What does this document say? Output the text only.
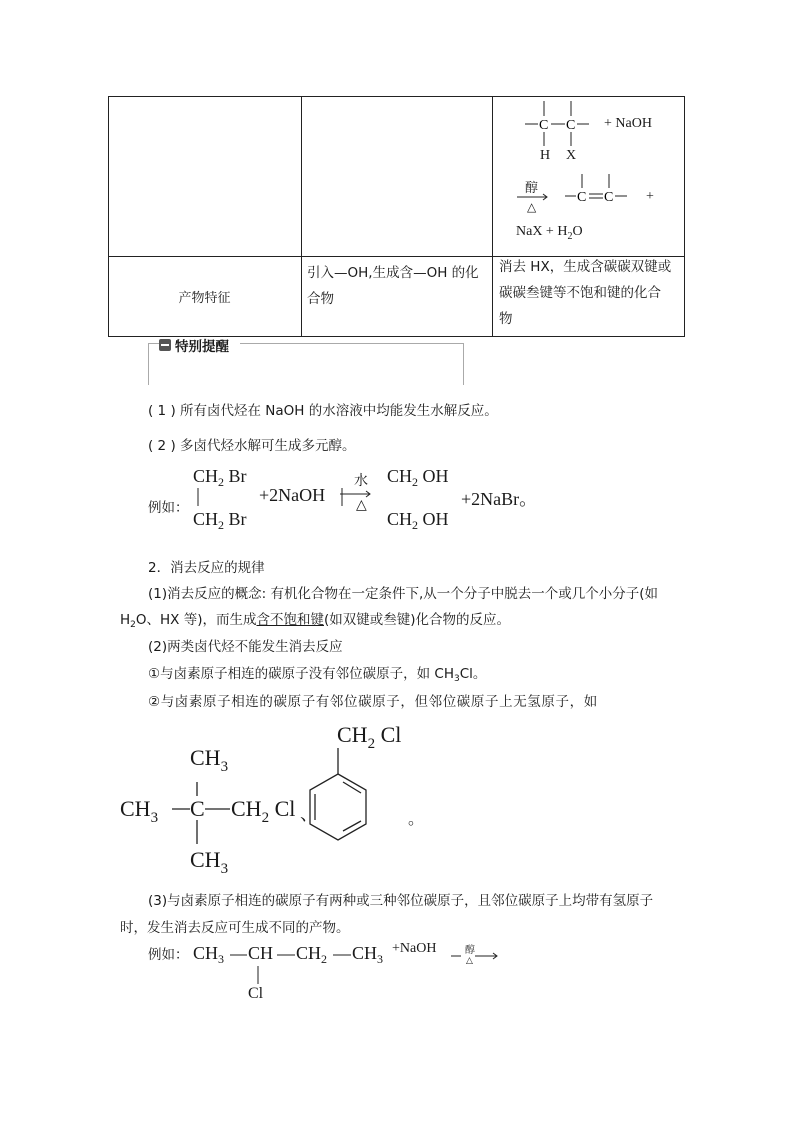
产物特征
引入—OH,生成含—OH 的化
合物
消去 HX，生成含碳碳双键或
碳碳叁键等不饱和键的化合
物
C C
C C
+ NaOH
H X
醇
△
+
NaX + $H_2O$
特别提醒
( 1 ) 所有卤代烃在 NaOH 的水溶液中均能发生水解反应。
( 2 ) 多卤代烃水解可生成多元醇。
例如：
$CH_2$ Br
$CH_2$ Br
+2NaOH
水
△
$CH_2$ OH
$CH_2$ OH
+2NaBr。
2．消去反应的规律
(1)消去反应的概念: 有机化合物在一定条件下,从一个分子中脱去一个或几个小分子(如
$H_2O$、HX 等)，而生成含不饱和键(如双键或叁键)化合物的反应。
(2)两类卤代烃不能发生消去反应
①与卤素原子相连的碳原子没有邻位碳原子，如 $CH_3Cl$。
②与卤素原子相连的碳原子有邻位碳原子，但邻位碳原子上无氢原子，如
$CH_3$
$CH_3$ C $CH_2$ Cl
$CH_3$
、
$CH_2$ Cl
。
(3)与卤素原子相连的碳原子有两种或三种邻位碳原子，且邻位碳原子上均带有氢原子
时，发生消去反应可生成不同的产物。
例如： $CH_3$ CH $CH_2$ $CH_3$
Cl
+NaOH	醇
△
